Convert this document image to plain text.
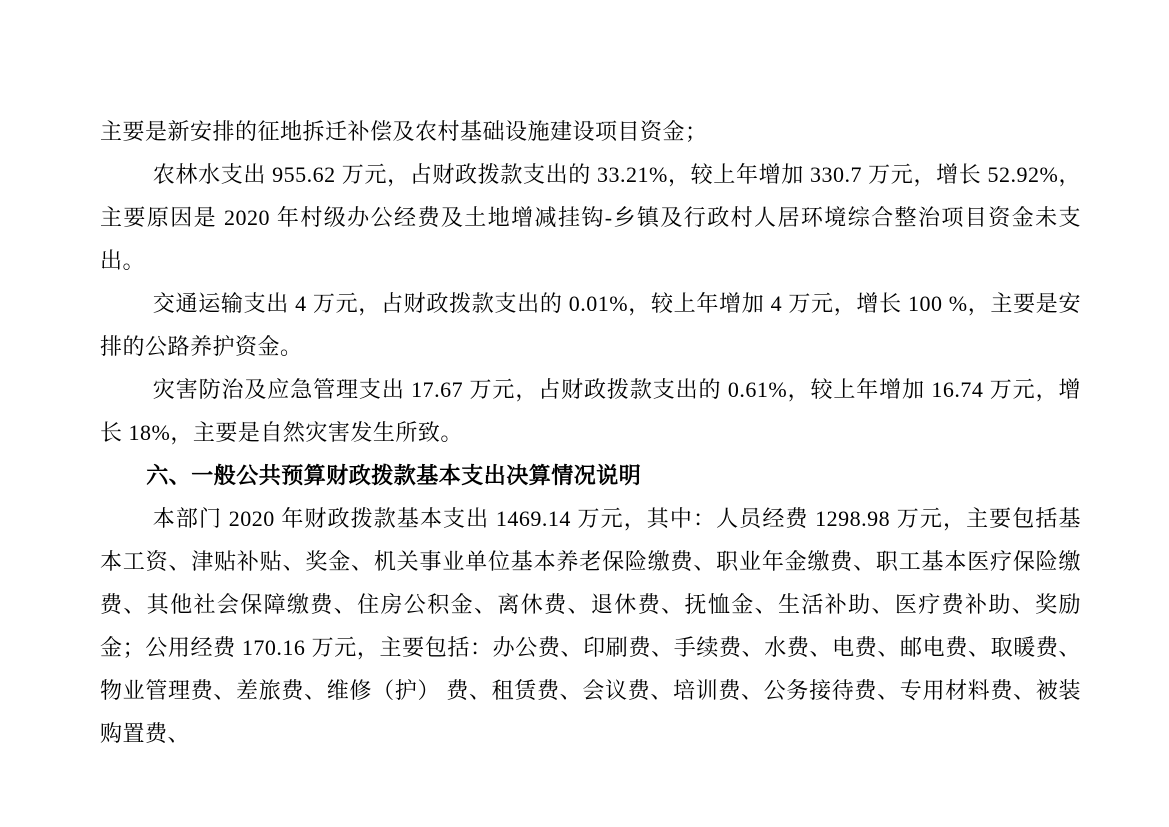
主要是新安排的征地拆迁补偿及农村基础设施建设项目资金；

农林水支出 955.62 万元，占财政拨款支出的 33.21%，较上年增加 330.7 万元，增长 52.92%，主要原因是 2020 年村级办公经费及土地增减挂钩-乡镇及行政村人居环境综合整治项目资金未支出。

交通运输支出 4 万元，占财政拨款支出的 0.01%，较上年增加 4 万元，增长 100 %，主要是安排的公路养护资金。

灾害防治及应急管理支出 17.67 万元，占财政拨款支出的 0.61%，较上年增加 16.74 万元，增长 18%，主要是自然灾害发生所致。

六、一般公共预算财政拨款基本支出决算情况说明

本部门 2020 年财政拨款基本支出 1469.14 万元，其中：人员经费 1298.98 万元，主要包括基本工资、津贴补贴、奖金、机关事业单位基本养老保险缴费、职业年金缴费、职工基本医疗保险缴费、其他社会保障缴费、住房公积金、离休费、退休费、抚恤金、生活补助、医疗费补助、奖励金；公用经费 170.16 万元，主要包括：办公费、印刷费、手续费、水费、电费、邮电费、取暖费、物业管理费、差旅费、维修（护） 费、租赁费、会议费、培训费、公务接待费、专用材料费、被装购置费、
